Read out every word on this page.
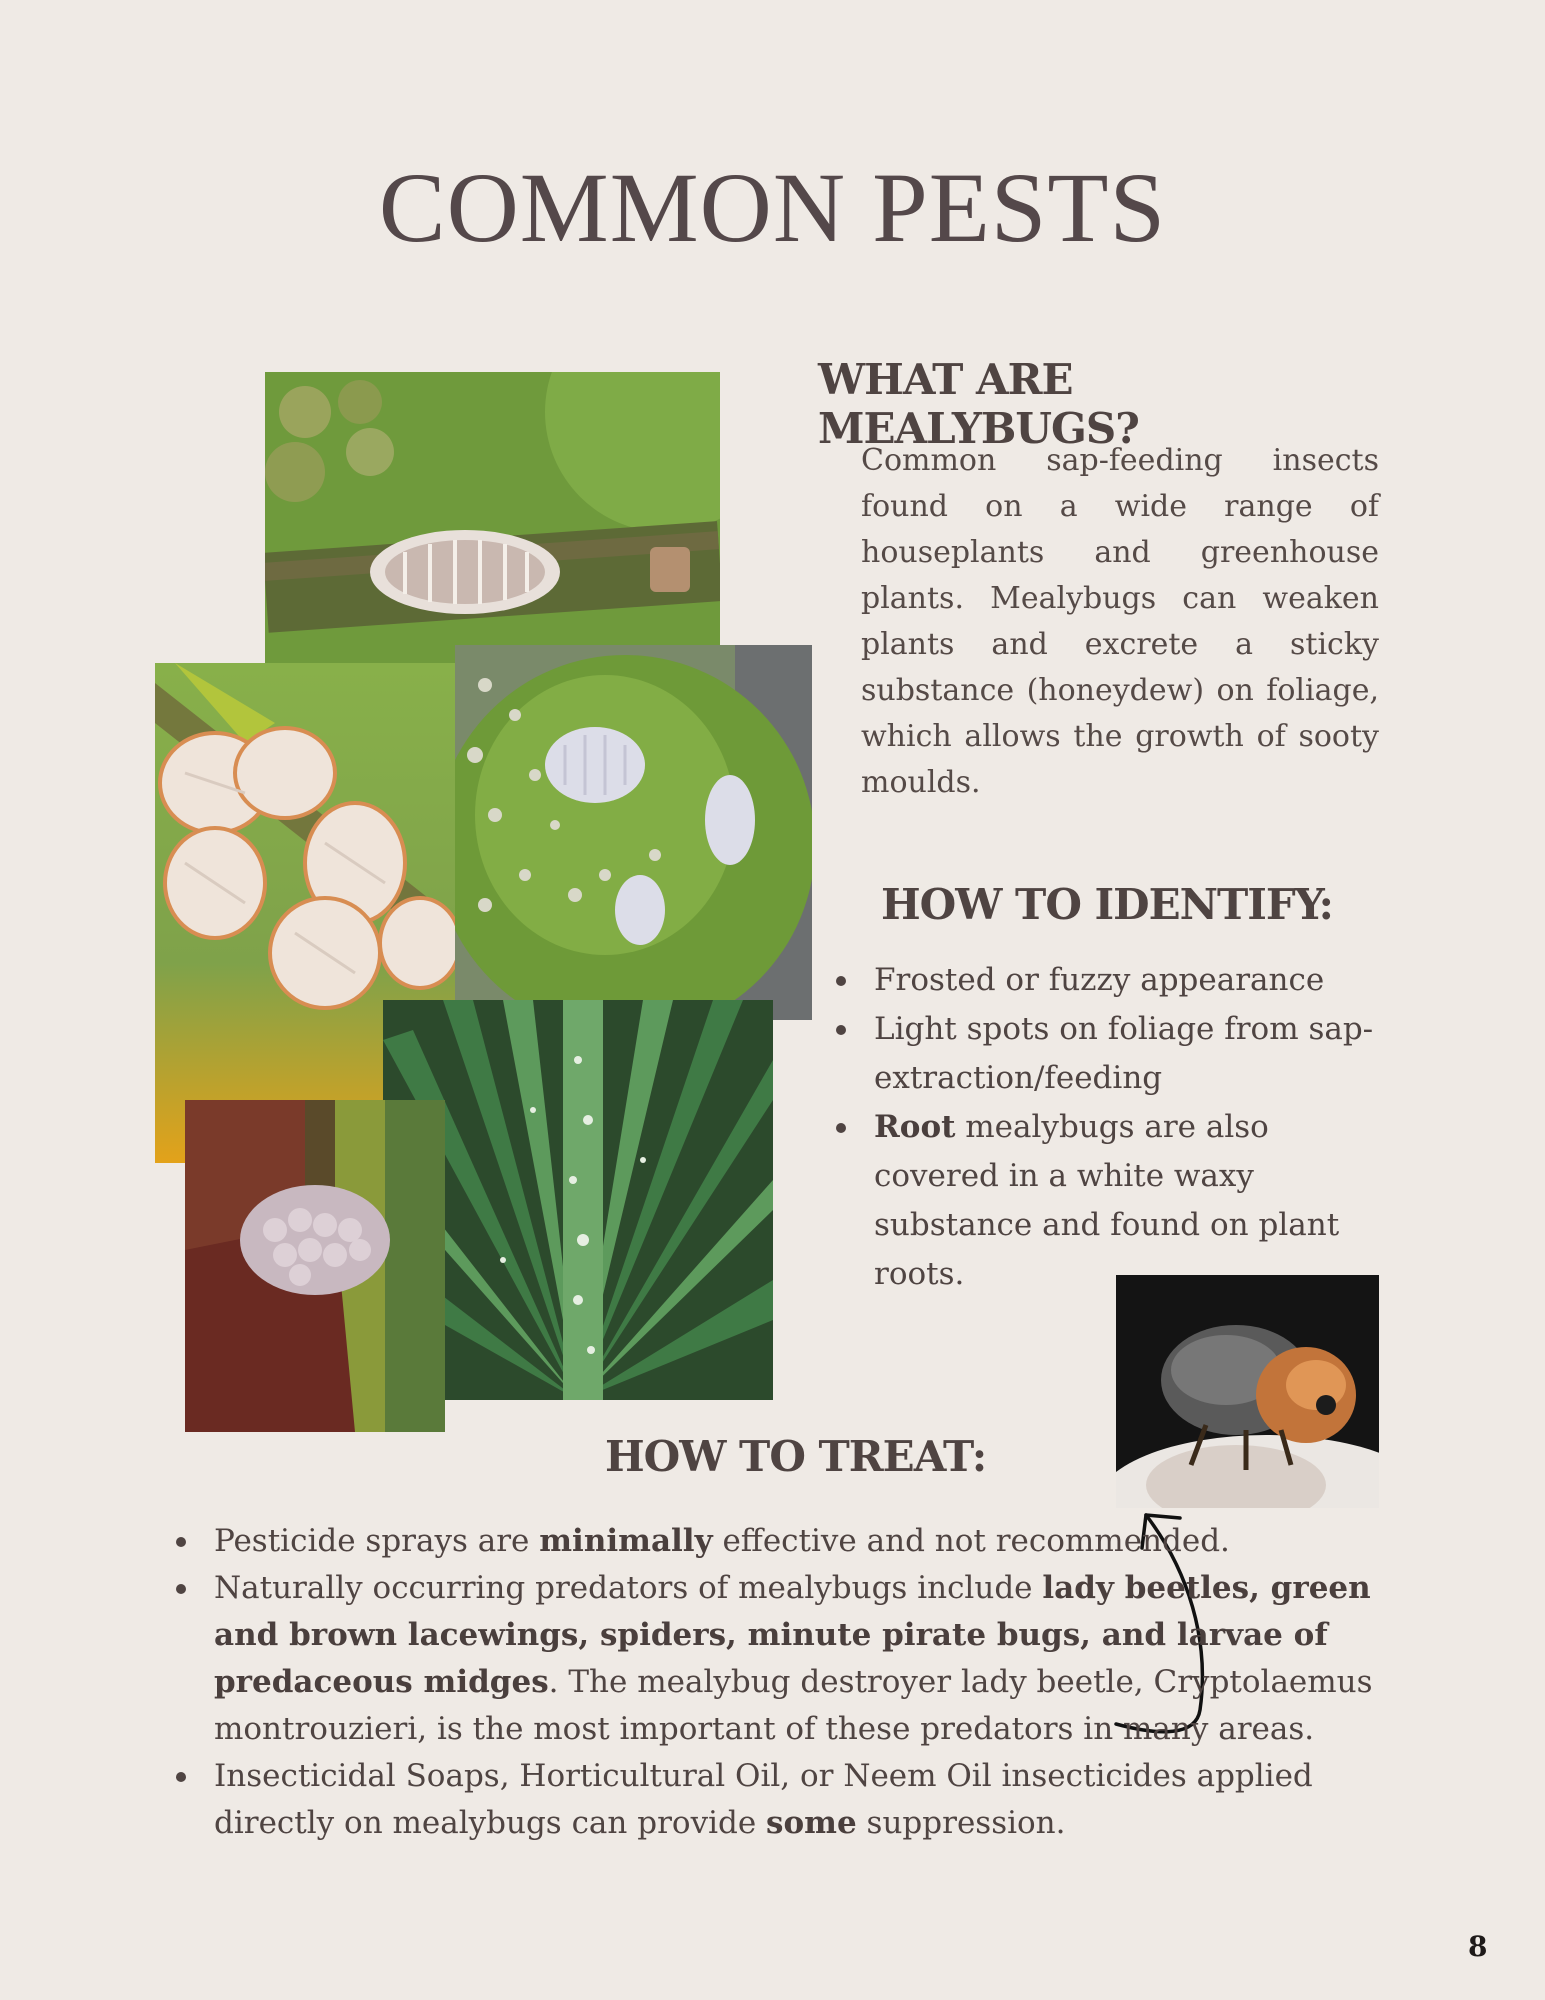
COMMON PESTS
WHAT ARE MEALYBUGS?

Common sap-feeding insects found on a wide range of houseplants and greenhouse plants. Mealybugs can weaken plants and excrete a sticky substance (honeydew) on foliage, which allows the growth of sooty moulds.

HOW TO IDENTIFY:
Frosted or fuzzy appearance
Light spots on foliage from sap-extraction/feeding
Root mealybugs are also covered in a white waxy substance and found on plant roots.
HOW TO TREAT:
Pesticide sprays are minimally effective and not recommended.
Naturally occurring predators of mealybugs include lady beetles, green and brown lacewings, spiders, minute pirate bugs, and larvae of predaceous midges. The mealybug destroyer lady beetle, Cryptolaemus montrouzieri, is the most important of these predators in many areas.
Insecticidal Soaps, Horticultural Oil, or Neem Oil insecticides applied directly on mealybugs can provide some suppression.
8
